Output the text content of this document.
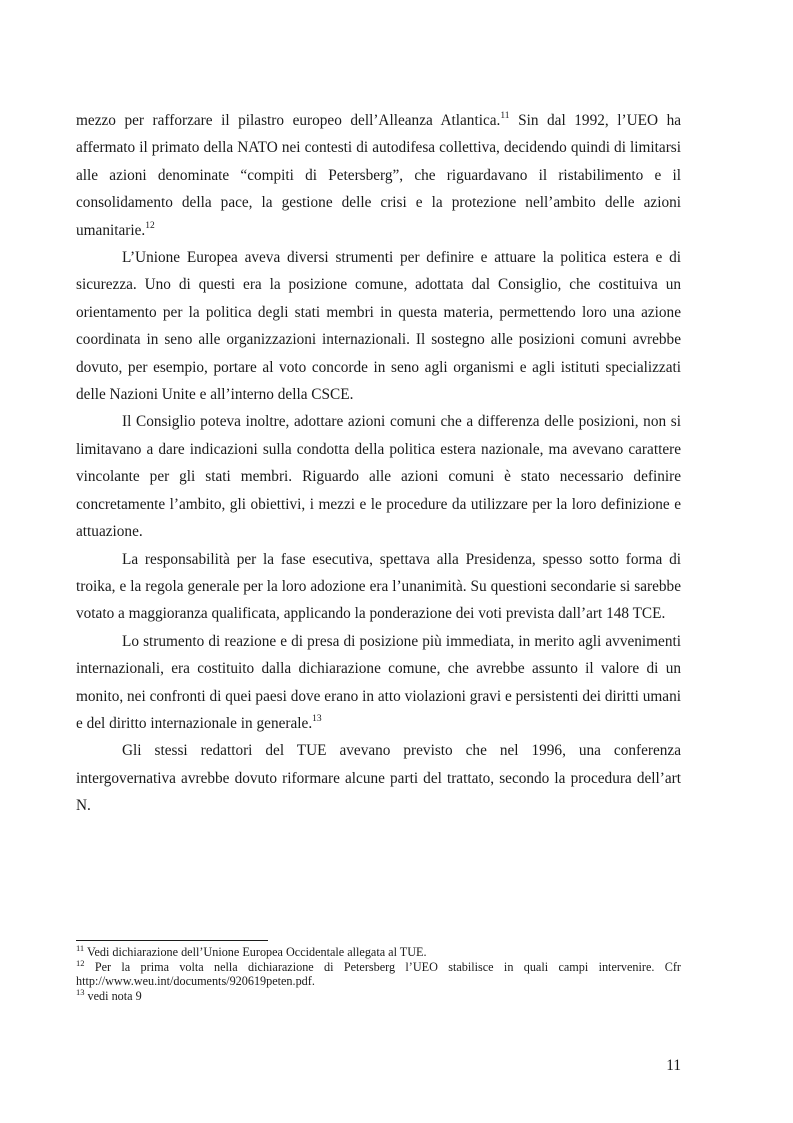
mezzo per rafforzare il pilastro europeo dell’Alleanza Atlantica.$^{11}$ Sin dal 1992, l’UEO ha affermato il primato della NATO nei contesti di autodifesa collettiva, decidendo quindi di limitarsi alle azioni denominate “compiti di Petersberg”, che riguardavano il ristabilimento e il consolidamento della pace, la gestione delle crisi e la protezione nell’ambito delle azioni umanitarie.$^{12}$

L’Unione Europea aveva diversi strumenti per definire e attuare la politica estera e di sicurezza. Uno di questi era la posizione comune, adottata dal Consiglio, che costituiva un orientamento per la politica degli stati membri in questa materia, permettendo loro una azione coordinata in seno alle organizzazioni internazionali. Il sostegno alle posizioni comuni avrebbe dovuto, per esempio, portare al voto concorde in seno agli organismi e agli istituti specializzati delle Nazioni Unite e all’interno della CSCE.

Il Consiglio poteva inoltre, adottare azioni comuni che a differenza delle posizioni, non si limitavano a dare indicazioni sulla condotta della politica estera nazionale, ma avevano carattere vincolante per gli stati membri. Riguardo alle azioni comuni è stato necessario definire concretamente l’ambito, gli obiettivi, i mezzi e le procedure da utilizzare per la loro definizione e attuazione.

La responsabilità per la fase esecutiva, spettava alla Presidenza, spesso sotto forma di troika, e la regola generale per la loro adozione era l’unanimità. Su questioni secondarie si sarebbe votato a maggioranza qualificata, applicando la ponderazione dei voti prevista dall’art 148 TCE.

Lo strumento di reazione e di presa di posizione più immediata, in merito agli avvenimenti internazionali, era costituito dalla dichiarazione comune, che avrebbe assunto il valore di un monito, nei confronti di quei paesi dove erano in atto violazioni gravi e persistenti dei diritti umani e del diritto internazionale in generale.$^{13}$

Gli stessi redattori del TUE avevano previsto che nel 1996, una conferenza intergovernativa avrebbe dovuto riformare alcune parti del trattato, secondo la procedura dell’art N.

$^{11}$ Vedi dichiarazione dell’Unione Europea Occidentale allegata al TUE.

$^{12}$ Per la prima volta nella dichiarazione di Petersberg l’UEO stabilisce in quali campi intervenire. Cfr http://www.weu.int/documents/920619peten.pdf.

$^{13}$ vedi nota 9

11
